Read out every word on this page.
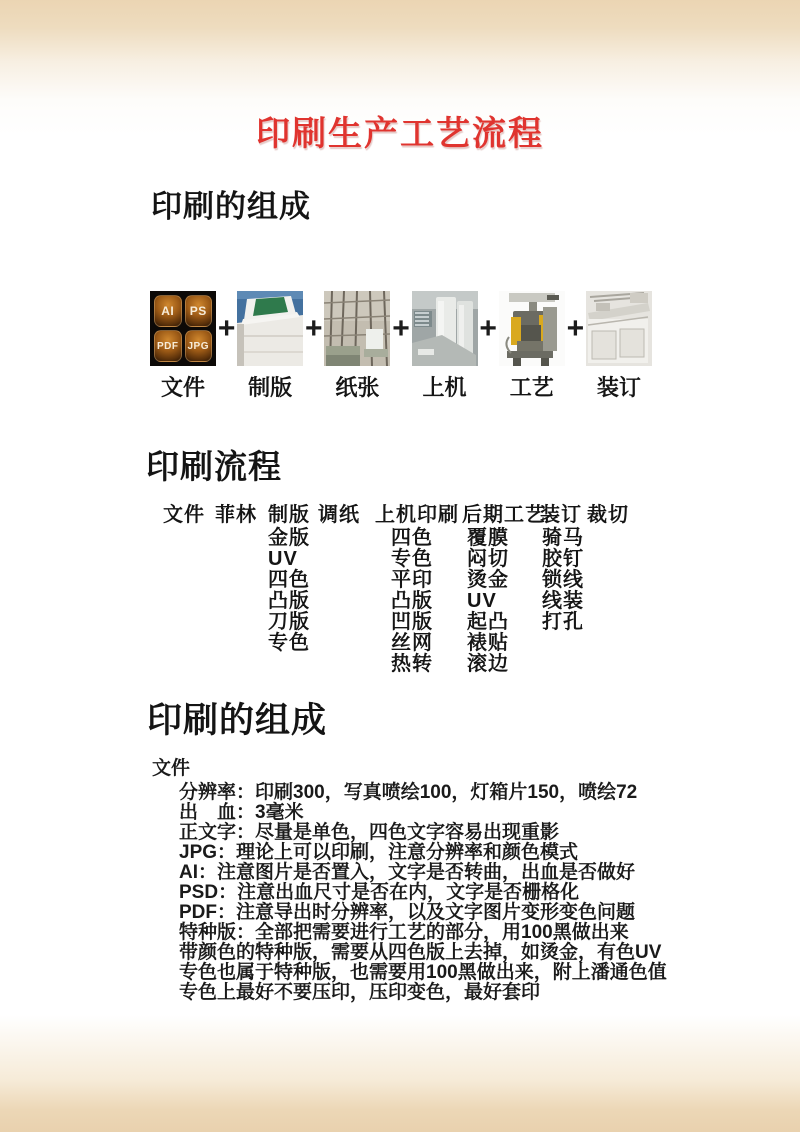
印刷生产工艺流程
印刷的组成
AI	PS
PDF JPG
文件
+
制版
+
纸张
+
上机
+
工艺
+
装订
印刷流程
文件 菲林 制版
金版
UV
四色
凸版
刀版
专色
调纸 上机印刷
四色
专色
平印
凸版
凹版
丝网
热转
后期工艺
覆膜
闷切
烫金
UV
起凸
裱贴
滚边
装订
骑马
胶钉
锁线
线装
打孔
裁切
印刷的组成
文件
分辨率：印刷300，写真喷绘100，灯箱片150，喷绘72
出　血：3毫米
正文字：尽量是单色，四色文字容易出现重影
JPG：理论上可以印刷，注意分辨率和颜色模式
AI：注意图片是否置入，文字是否转曲，出血是否做好
PSD：注意出血尺寸是否在内，文字是否栅格化
PDF：注意导出时分辨率，以及文字图片变形变色问题
特种版：全部把需要进行工艺的部分，用100黑做出来
带颜色的特种版，需要从四色版上去掉，如烫金，有色UV
专色也属于特种版，也需要用100黑做出来，附上潘通色值
专色上最好不要压印，压印变色，最好套印
